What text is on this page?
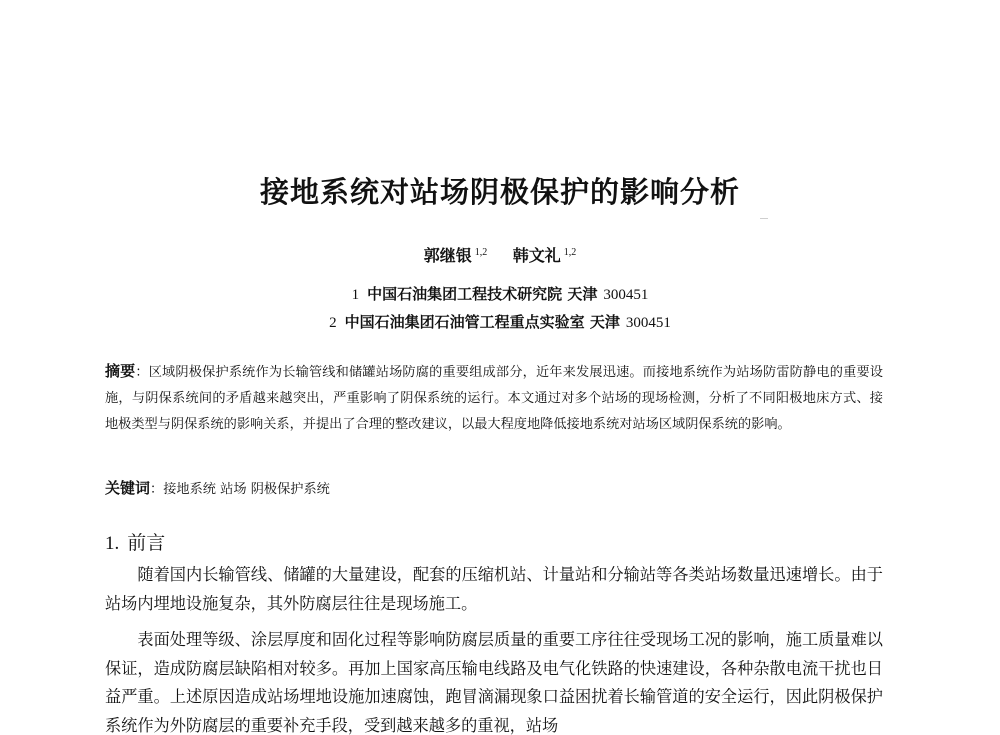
接地系统对站场阴极保护的影响分析
郭继银 $^{1,2}$ 韩文礼 $^{1,2}$
1 中国石油集团工程技术研究院 天津 300451
2 中国石油集团石油管工程重点实验室 天津 300451
摘要：区域阴极保护系统作为长输管线和储罐站场防腐的重要组成部分，近年来发展迅速。而接地系统作为站场防雷防静电的重要设施，与阴保系统间的矛盾越来越突出，严重影响了阴保系统的运行。本文通过对多个站场的现场检测，分析了不同阳极地床方式、接地极类型与阴保系统的影响关系，并提出了合理的整改建议，以最大程度地降低接地系统对站场区域阴保系统的影响。
关键词：接地系统 站场 阴极保护系统
1. 前言

随着国内长输管线、储罐的大量建设，配套的压缩机站、计量站和分输站等各类站场数量迅速增长。由于站场内埋地设施复杂，其外防腐层往往是现场施工。

表面处理等级、涂层厚度和固化过程等影响防腐层质量的重要工序往往受现场工况的影响，施工质量难以保证，造成防腐层缺陷相对较多。再加上国家高压输电线路及电气化铁路的快速建设，各种杂散电流干扰也日益严重。上述原因造成站场埋地设施加速腐蚀，跑冒滴漏现象口益困扰着长输管道的安全运行，因此阴极保护系统作为外防腐层的重要补充手段，受到越来越多的重视，站场
